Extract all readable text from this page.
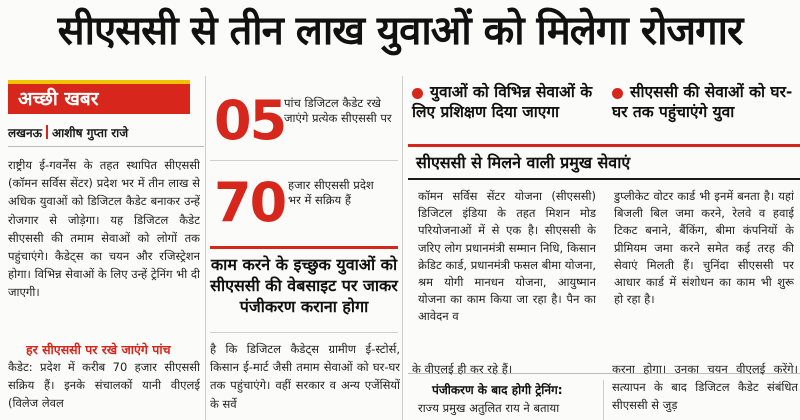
सीएससी से तीन लाख युवाओं को मिलेगा रोजगार
अच्छी खबर
लखनऊ आशीष गुप्ता राजे
राष्ट्रीय ई-गवर्नेंस के तहत स्थापित सीएससी (कॉमन सर्विस सेंटर) प्रदेश भर में तीन लाख से अधिक युवाओं को डिजिटल कैडेट बनाकर उन्हें रोजगार से जोड़ेगा। यह डिजिटल कैडेट सीएससी की तमाम सेवाओं को लोगों तक पहुंचाएंगे। कैडेट्स का चयन और रजिस्ट्रेशन होगा। विभिन्न सेवाओं के लिए उन्हें ट्रेनिंग भी दी जाएगी।
हर सीएससी पर रखे जाएंगे पांच
कैडेट: प्रदेश में करीब 70 हजार सीएससी सक्रिय हैं। इनके संचालकों यानी वीएलई (विलेज लेवल
05
पांच डिजिटल कैडेट रखे जाएंगे प्रत्येक सीएससी पर
70 हजार सीएससी प्रदेश भर में सक्रिय हैं
काम करने के इच्छुक युवाओं को सीएससी की वेबसाइट पर जाकर पंजीकरण कराना होगा
है कि डिजिटल कैडेट्स ग्रामीण ई-स्टोर्स, किसान ई-मार्ट जैसी तमाम सेवाओं को घर-घर तक पहुंचाएंगे। वहीं सरकार व अन्य एजेंसियों के सर्वे
युवाओं को विभिन्न सेवाओं के लिए प्रशिक्षण दिया जाएगा
सीएससी की सेवाओं को घर-घर तक पहुंचाएंगे युवा
सीएससी से मिलने वाली प्रमुख सेवाएं
कॉमन सर्विस सेंटर योजना (सीएससी) डिजिटल इंडिया के तहत मिशन मोड परियोजनाओं में से एक है। सीएससी के जरिए लोग प्रधानमंत्री सम्मान निधि, किसान क्रेडिट कार्ड, प्रधानमंत्री फसल बीमा योजना, श्रम योगी मानधन योजना, आयुष्मान योजना का काम किया जा रहा है। पैन का आवेदन व
डुप्लीकेट वोटर कार्ड भी इनमें बनता है। यहां बिजली बिल जमा करने, रेलवे व हवाई टिकट बनाने, बैंकिंग, बीमा कंपनियों के प्रीमियम जमा करने समेत कई तरह की सेवाएं मिलती हैं। चुनिंदा सीएससी पर आधार कार्ड में संशोधन का काम भी शुरू हो रहा है।
के वीएलई ही कर रहे हैं।
पंजीकरण के बाद होगी ट्रेनिंग:
राज्य प्रमुख अतुलित राय ने बताया
करना होगा। उनका चयन वीएलई करेंगे। सत्यापन के बाद डिजिटल कैडेट संबंधित सीएससी से जुड़
